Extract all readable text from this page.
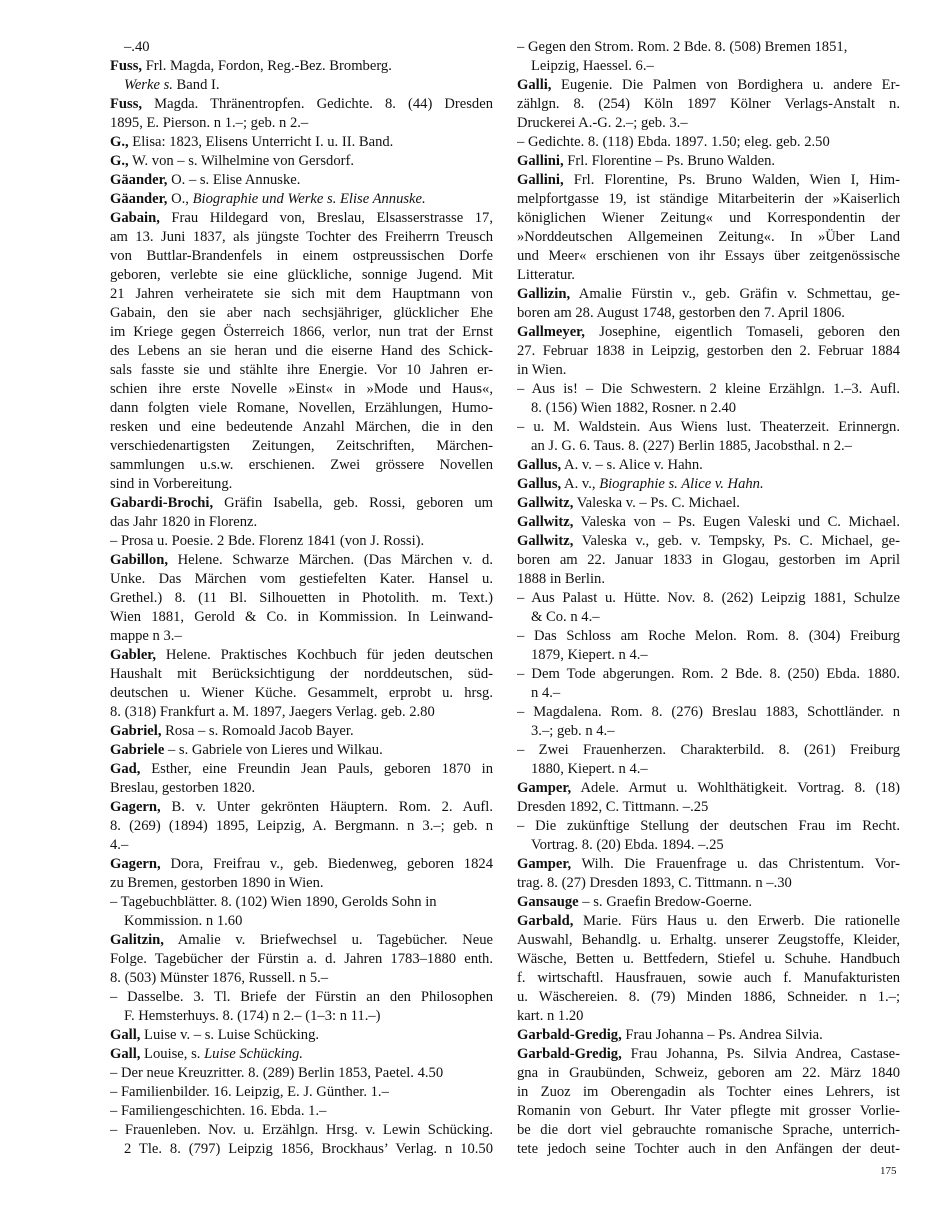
–.40
Fuss, Frl. Magda, Fordon, Reg.-Bez. Bromberg.
Werke s. Band I.
Fuss, Magda. Thränentropfen. Gedichte. 8. (44) Dresden
1895, E. Pierson. n 1.–; geb. n 2.–
G., Elisa: 1823, Elisens Unterricht I. u. II. Band.
G., W. von – s. Wilhelmine von Gersdorf.
Gäander, O. – s. Elise Annuske.
Gäander, O., Biographie und Werke s. Elise Annuske.
Gabain, Frau Hildegard von, Breslau, Elsasserstrasse 17,
am 13. Juni 1837, als jüngste Tochter des Freiherrn Treusch
von Buttlar-Brandenfels in einem ostpreussischen Dorfe
geboren, verlebte sie eine glückliche, sonnige Jugend. Mit
21 Jahren verheiratete sie sich mit dem Hauptmann von
Gabain, den sie aber nach sechsjähriger, glücklicher Ehe
im Kriege gegen Österreich 1866, verlor, nun trat der Ernst
des Lebens an sie heran und die eiserne Hand des Schick-
sals fasste sie und stählte ihre Energie. Vor 10 Jahren er-
schien ihre erste Novelle »Einst« in »Mode und Haus«,
dann folgten viele Romane, Novellen, Erzählungen, Humo-
resken und eine bedeutende Anzahl Märchen, die in den
verschiedenartigsten Zeitungen, Zeitschriften, Märchen-
sammlungen u.s.w. erschienen. Zwei grössere Novellen
sind in Vorbereitung.
Gabardi-Brochi, Gräfin Isabella, geb. Rossi, geboren um
das Jahr 1820 in Florenz.
– Prosa u. Poesie. 2 Bde. Florenz 1841 (von J. Rossi).
Gabillon, Helene. Schwarze Märchen. (Das Märchen v. d.
Unke. Das Märchen vom gestiefelten Kater. Hansel u.
Grethel.) 8. (11 Bl. Silhouetten in Photolith. m. Text.)
Wien 1881, Gerold & Co. in Kommission. In Leinwand-
mappe n 3.–
Gabler, Helene. Praktisches Kochbuch für jeden deutschen
Haushalt mit Berücksichtigung der norddeutschen, süd-
deutschen u. Wiener Küche. Gesammelt, erprobt u. hrsg.
8. (318) Frankfurt a. M. 1897, Jaegers Verlag. geb. 2.80
Gabriel, Rosa – s. Romoald Jacob Bayer.
Gabriele – s. Gabriele von Lieres und Wilkau.
Gad, Esther, eine Freundin Jean Pauls, geboren 1870 in
Breslau, gestorben 1820.
Gagern, B. v. Unter gekrönten Häuptern. Rom. 2. Aufl.
8. (269) (1894) 1895, Leipzig, A. Bergmann. n 3.–; geb. n
4.–
Gagern, Dora, Freifrau v., geb. Biedenweg, geboren 1824
zu Bremen, gestorben 1890 in Wien.
– Tagebuchblätter. 8. (102) Wien 1890, Gerolds Sohn in
Kommission. n 1.60
Galitzin, Amalie v. Briefwechsel u. Tagebücher. Neue
Folge. Tagebücher der Fürstin a. d. Jahren 1783–1880 enth.
8. (503) Münster 1876, Russell. n 5.–
– Dasselbe. 3. Tl. Briefe der Fürstin an den Philosophen
F. Hemsterhuys. 8. (174) n 2.– (1–3: n 11.–)
Gall, Luise v. – s. Luise Schücking.
Gall, Louise, s. Luise Schücking.
– Der neue Kreuzritter. 8. (289) Berlin 1853, Paetel. 4.50
– Familienbilder. 16. Leipzig, E. J. Günther. 1.–
– Familiengeschichten. 16. Ebda. 1.–
– Frauenleben. Nov. u. Erzählgn. Hrsg. v. Lewin Schücking.
2 Tle. 8. (797) Leipzig 1856, Brockhaus’ Verlag. n 10.50
– Gegen den Strom. Rom. 2 Bde. 8. (508) Bremen 1851,
Leipzig, Haessel. 6.–
Galli, Eugenie. Die Palmen von Bordighera u. andere Er-
zählgn. 8. (254) Köln 1897 Kölner Verlags-Anstalt n.
Druckerei A.-G. 2.–; geb. 3.–
– Gedichte. 8. (118) Ebda. 1897. 1.50; eleg. geb. 2.50
Gallini, Frl. Florentine – Ps. Bruno Walden.
Gallini, Frl. Florentine, Ps. Bruno Walden, Wien I, Him-
melpfortgasse 19, ist ständige Mitarbeiterin der »Kaiserlich
königlichen Wiener Zeitung« und Korrespondentin der
»Norddeutschen Allgemeinen Zeitung«. In »Über Land
und Meer« erschienen von ihr Essays über zeitgenössische
Litteratur.
Gallizin, Amalie Fürstin v., geb. Gräfin v. Schmettau, ge-
boren am 28. August 1748, gestorben den 7. April 1806.
Gallmeyer, Josephine, eigentlich Tomaseli, geboren den
27. Februar 1838 in Leipzig, gestorben den 2. Februar 1884
in Wien.
– Aus is! – Die Schwestern. 2 kleine Erzählgn. 1.–3. Aufl.
8. (156) Wien 1882, Rosner. n 2.40
– u. M. Waldstein. Aus Wiens lust. Theaterzeit. Erinnergn.
an J. G. 6. Taus. 8. (227) Berlin 1885, Jacobsthal. n 2.–
Gallus, A. v. – s. Alice v. Hahn.
Gallus, A. v., Biographie s. Alice v. Hahn.
Gallwitz, Valeska v. – Ps. C. Michael.
Gallwitz, Valeska von – Ps. Eugen Valeski und C. Michael.
Gallwitz, Valeska v., geb. v. Tempsky, Ps. C. Michael, ge-
boren am 22. Januar 1833 in Glogau, gestorben im April
1888 in Berlin.
– Aus Palast u. Hütte. Nov. 8. (262) Leipzig 1881, Schulze
& Co. n 4.–
– Das Schloss am Roche Melon. Rom. 8. (304) Freiburg
1879, Kiepert. n 4.–
– Dem Tode abgerungen. Rom. 2 Bde. 8. (250) Ebda. 1880.
n 4.–
– Magdalena. Rom. 8. (276) Breslau 1883, Schottländer. n
3.–; geb. n 4.–
– Zwei Frauenherzen. Charakterbild. 8. (261) Freiburg
1880, Kiepert. n 4.–
Gamper, Adele. Armut u. Wohlthätigkeit. Vortrag. 8. (18)
Dresden 1892, C. Tittmann. –.25
– Die zukünftige Stellung der deutschen Frau im Recht.
Vortrag. 8. (20) Ebda. 1894. –.25
Gamper, Wilh. Die Frauenfrage u. das Christentum. Vor-
trag. 8. (27) Dresden 1893, C. Tittmann. n –.30
Gansauge – s. Graefin Bredow-Goerne.
Garbald, Marie. Fürs Haus u. den Erwerb. Die rationelle
Auswahl, Behandlg. u. Erhaltg. unserer Zeugstoffe, Kleider,
Wäsche, Betten u. Bettfedern, Stiefel u. Schuhe. Handbuch
f. wirtschaftl. Hausfrauen, sowie auch f. Manufakturisten
u. Wäschereien. 8. (79) Minden 1886, Schneider. n 1.–;
kart. n 1.20
Garbald-Gredig, Frau Johanna – Ps. Andrea Silvia.
Garbald-Gredig, Frau Johanna, Ps. Silvia Andrea, Castase-
gna in Graubünden, Schweiz, geboren am 22. März 1840
in Zuoz im Oberengadin als Tochter eines Lehrers, ist
Romanin von Geburt. Ihr Vater pflegte mit grosser Vorlie-
be die dort viel gebrauchte romanische Sprache, unterrich-
tete jedoch seine Tochter auch in den Anfängen der deut-
175
